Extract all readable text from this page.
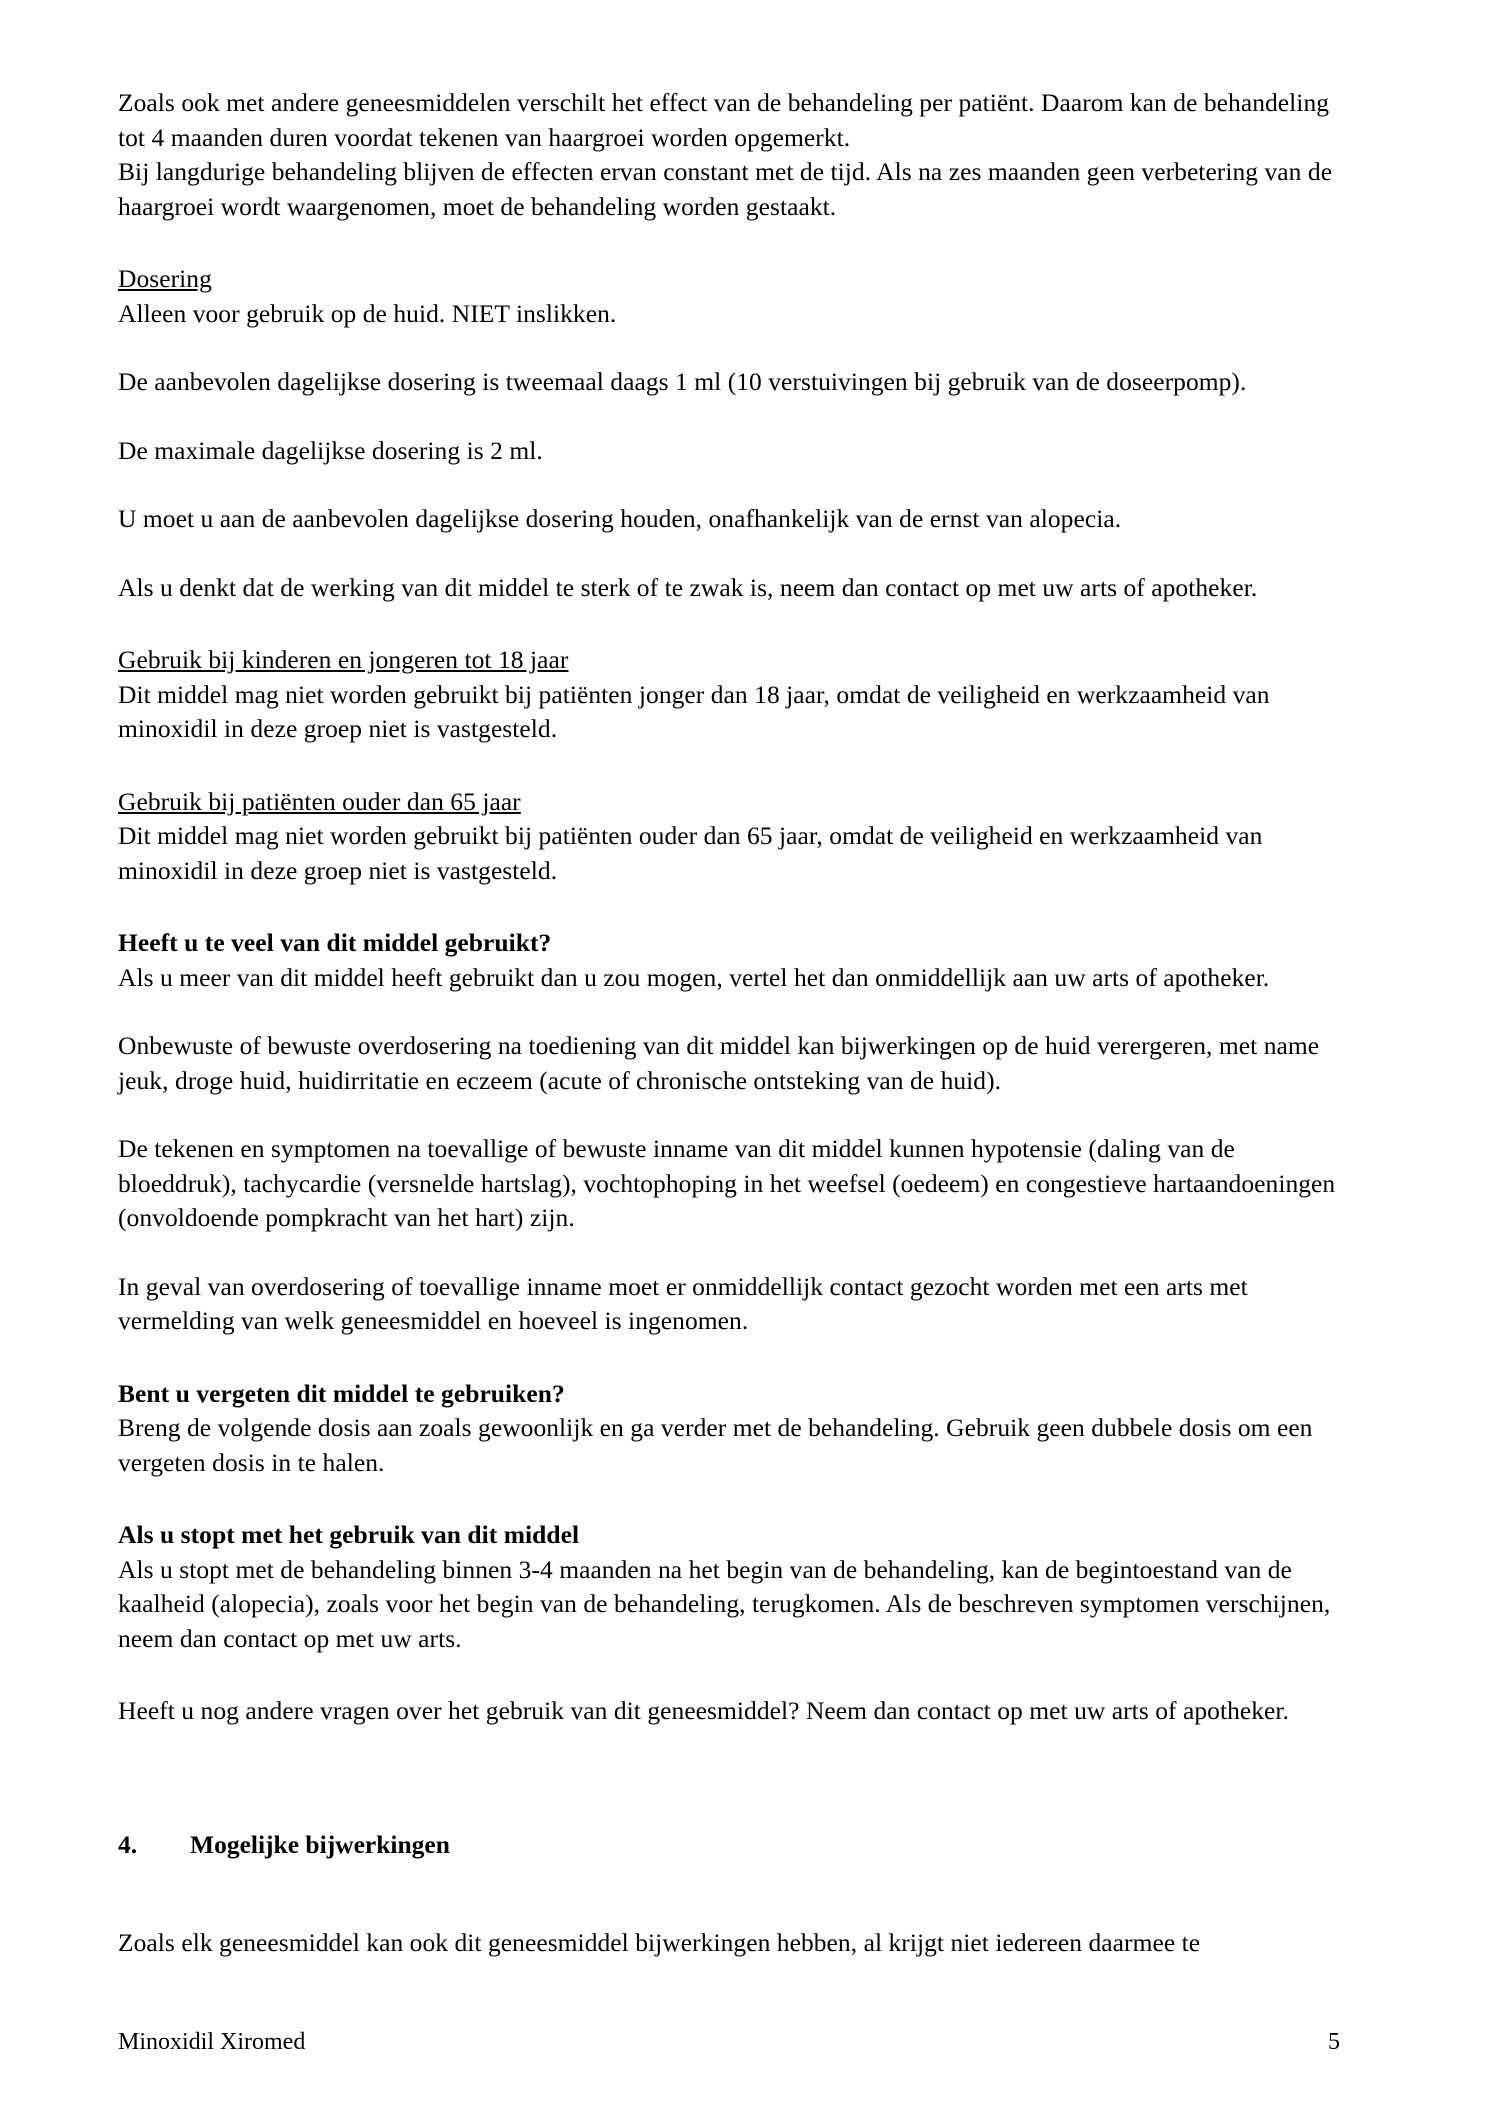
Zoals ook met andere geneesmiddelen verschilt het effect van de behandeling per patiënt. Daarom kan de behandeling tot 4 maanden duren voordat tekenen van haargroei worden opgemerkt.

Bij langdurige behandeling blijven de effecten ervan constant met de tijd. Als na zes maanden geen verbetering van de haargroei wordt waargenomen, moet de behandeling worden gestaakt.

Dosering

Alleen voor gebruik op de huid. NIET inslikken.

De aanbevolen dagelijkse dosering is tweemaal daags 1 ml (10 verstuivingen bij gebruik van de doseerpomp).

De maximale dagelijkse dosering is 2 ml.

U moet u aan de aanbevolen dagelijkse dosering houden, onafhankelijk van de ernst van alopecia.

Als u denkt dat de werking van dit middel te sterk of te zwak is, neem dan contact op met uw arts of apotheker.

Gebruik bij kinderen en jongeren tot 18 jaar

Dit middel mag niet worden gebruikt bij patiënten jonger dan 18 jaar, omdat de veiligheid en werkzaamheid van minoxidil in deze groep niet is vastgesteld.

Gebruik bij patiënten ouder dan 65 jaar

Dit middel mag niet worden gebruikt bij patiënten ouder dan 65 jaar, omdat de veiligheid en werkzaamheid van minoxidil in deze groep niet is vastgesteld.

Heeft u te veel van dit middel gebruikt?

Als u meer van dit middel heeft gebruikt dan u zou mogen, vertel het dan onmiddellijk aan uw arts of apotheker.

Onbewuste of bewuste overdosering na toediening van dit middel kan bijwerkingen op de huid verergeren, met name jeuk, droge huid, huidirritatie en eczeem (acute of chronische ontsteking van de huid).

De tekenen en symptomen na toevallige of bewuste inname van dit middel kunnen hypotensie (daling van de bloeddruk), tachycardie (versnelde hartslag), vochtophoping in het weefsel (oedeem) en congestieve hartaandoeningen (onvoldoende pompkracht van het hart) zijn.

In geval van overdosering of toevallige inname moet er onmiddellijk contact gezocht worden met een arts met vermelding van welk geneesmiddel en hoeveel is ingenomen.

Bent u vergeten dit middel te gebruiken?

Breng de volgende dosis aan zoals gewoonlijk en ga verder met de behandeling. Gebruik geen dubbele dosis om een vergeten dosis in te halen.

Als u stopt met het gebruik van dit middel

Als u stopt met de behandeling binnen 3-4 maanden na het begin van de behandeling, kan de begintoestand van de kaalheid (alopecia), zoals voor het begin van de behandeling, terugkomen. Als de beschreven symptomen verschijnen, neem dan contact op met uw arts.

Heeft u nog andere vragen over het gebruik van dit geneesmiddel? Neem dan contact op met uw arts of apotheker.

4. Mogelijke bijwerkingen

Zoals elk geneesmiddel kan ook dit geneesmiddel bijwerkingen hebben, al krijgt niet iedereen daarmee te

Minoxidil Xiromed	5
